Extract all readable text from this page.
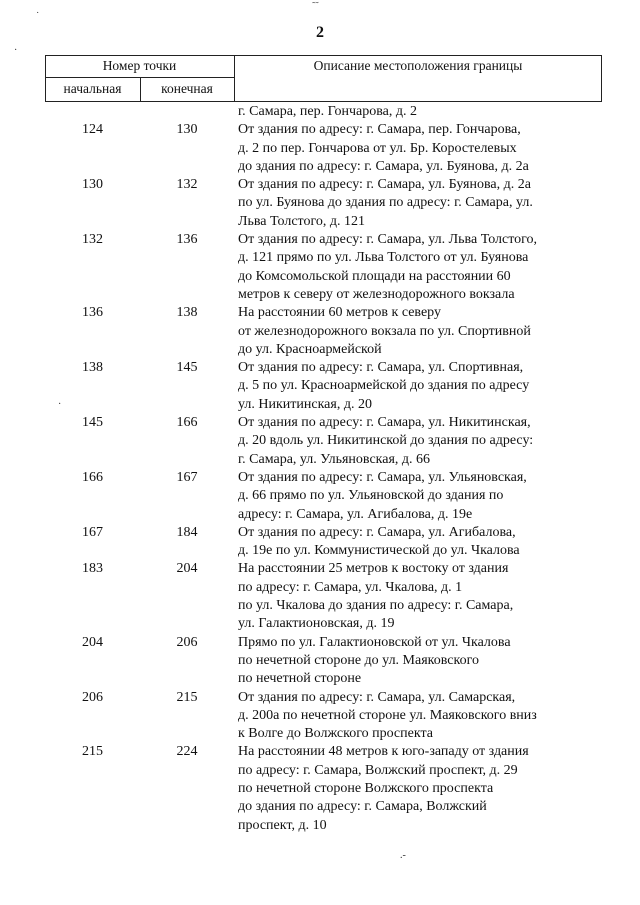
˜˜
˙
·
·
.-
2
Номер точки	Описание местоположения границы
начальная	конечная
г. Самара, пер. Гончарова, д. 2
124	130	От здания по адресу: г. Самара, пер. Гончарова,
д. 2 по пер. Гончарова от ул. Бр. Коростелевых
до здания по адресу: г. Самара, ул. Буянова, д. 2а
130	132	От здания по адресу: г. Самара, ул. Буянова, д. 2а
по ул. Буянова до здания по адресу: г. Самара, ул.
Льва Толстого, д. 121
132	136	От здания по адресу: г. Самара, ул. Льва Толстого,
д. 121 прямо по ул. Льва Толстого от ул. Буянова
до Комсомольской площади на расстоянии 60
метров к северу от железнодорожного вокзала
136	138	На расстоянии 60 метров к северу
от железнодорожного вокзала по ул. Спортивной
до ул. Красноармейской
138	145	От здания по адресу: г. Самара, ул. Спортивная,
д. 5 по ул. Красноармейской до здания по адресу
ул. Никитинская, д. 20
145	166	От здания по адресу: г. Самара, ул. Никитинская,
д. 20 вдоль ул. Никитинской до здания по адресу:
г. Самара, ул. Ульяновская, д. 66
166	167	От здания по адресу: г. Самара, ул. Ульяновская,
д. 66 прямо по ул. Ульяновской до здания по
адресу: г. Самара, ул. Агибалова, д. 19е
167	184	От здания по адресу: г. Самара, ул. Агибалова,
д. 19е по ул. Коммунистической до ул. Чкалова
183	204	На расстоянии 25 метров к востоку от здания
по адресу: г. Самара, ул. Чкалова, д. 1
по ул. Чкалова до здания по адресу: г. Самара,
ул. Галактионовская, д. 19
204	206	Прямо по ул. Галактионовской от ул. Чкалова
по нечетной стороне до ул. Маяковского
по нечетной стороне
206	215	От здания по адресу: г. Самара, ул. Самарская,
д. 200а по нечетной стороне ул. Маяковского вниз
к Волге до Волжского проспекта
215	224	На расстоянии 48 метров к юго-западу от здания
по адресу: г. Самара, Волжский проспект, д. 29
по нечетной стороне Волжского проспекта
до здания по адресу: г. Самара, Волжский
проспект, д. 10
